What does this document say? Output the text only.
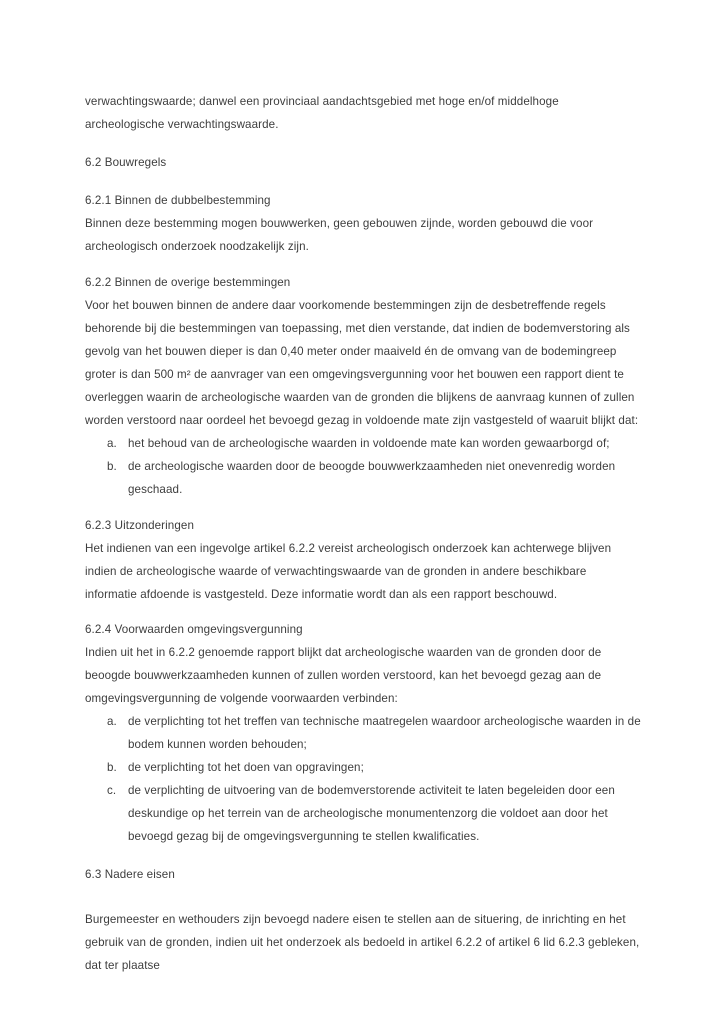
verwachtingswaarde; danwel een provinciaal aandachtsgebied met hoge en/of middelhoge archeologische verwachtingswaarde.

6.2 Bouwregels

6.2.1 Binnen de dubbelbestemming

Binnen deze bestemming mogen bouwwerken, geen gebouwen zijnde, worden gebouwd die voor archeologisch onderzoek noodzakelijk zijn.

6.2.2 Binnen de overige bestemmingen

Voor het bouwen binnen de andere daar voorkomende bestemmingen zijn de desbetreffende regels behorende bij die bestemmingen van toepassing, met dien verstande, dat indien de bodemverstoring als gevolg van het bouwen dieper is dan 0,40 meter onder maaiveld én de omvang van de bodemingreep groter is dan 500 m² de aanvrager van een omgevingsvergunning voor het bouwen een rapport dient te overleggen waarin de archeologische waarden van de gronden die blijkens de aanvraag kunnen of zullen worden verstoord naar oordeel het bevoegd gezag in voldoende mate zijn vastgesteld of waaruit blijkt dat:

a. het behoud van de archeologische waarden in voldoende mate kan worden gewaarborgd of;
b. de archeologische waarden door de beoogde bouwwerkzaamheden niet onevenredig worden geschaad.

6.2.3 Uitzonderingen

Het indienen van een ingevolge artikel 6.2.2 vereist archeologisch onderzoek kan achterwege blijven indien de archeologische waarde of verwachtingswaarde van de gronden in andere beschikbare informatie afdoende is vastgesteld. Deze informatie wordt dan als een rapport beschouwd.

6.2.4 Voorwaarden omgevingsvergunning

Indien uit het in 6.2.2 genoemde rapport blijkt dat archeologische waarden van de gronden door de beoogde bouwwerkzaamheden kunnen of zullen worden verstoord, kan het bevoegd gezag aan de omgevingsvergunning de volgende voorwaarden verbinden:

a. de verplichting tot het treffen van technische maatregelen waardoor archeologische waarden in de bodem kunnen worden behouden;
b. de verplichting tot het doen van opgravingen;
c.	de verplichting de uitvoering van de bodemverstorende activiteit te laten begeleiden door een deskundige op het terrein van de archeologische monumentenzorg die voldoet aan door het bevoegd gezag bij de omgevingsvergunning te stellen kwalificaties.

6.3 Nadere eisen

Burgemeester en wethouders zijn bevoegd nadere eisen te stellen aan de situering, de inrichting en het gebruik van de gronden, indien uit het onderzoek als bedoeld in artikel 6.2.2 of artikel 6 lid 6.2.3 gebleken, dat ter plaatse
